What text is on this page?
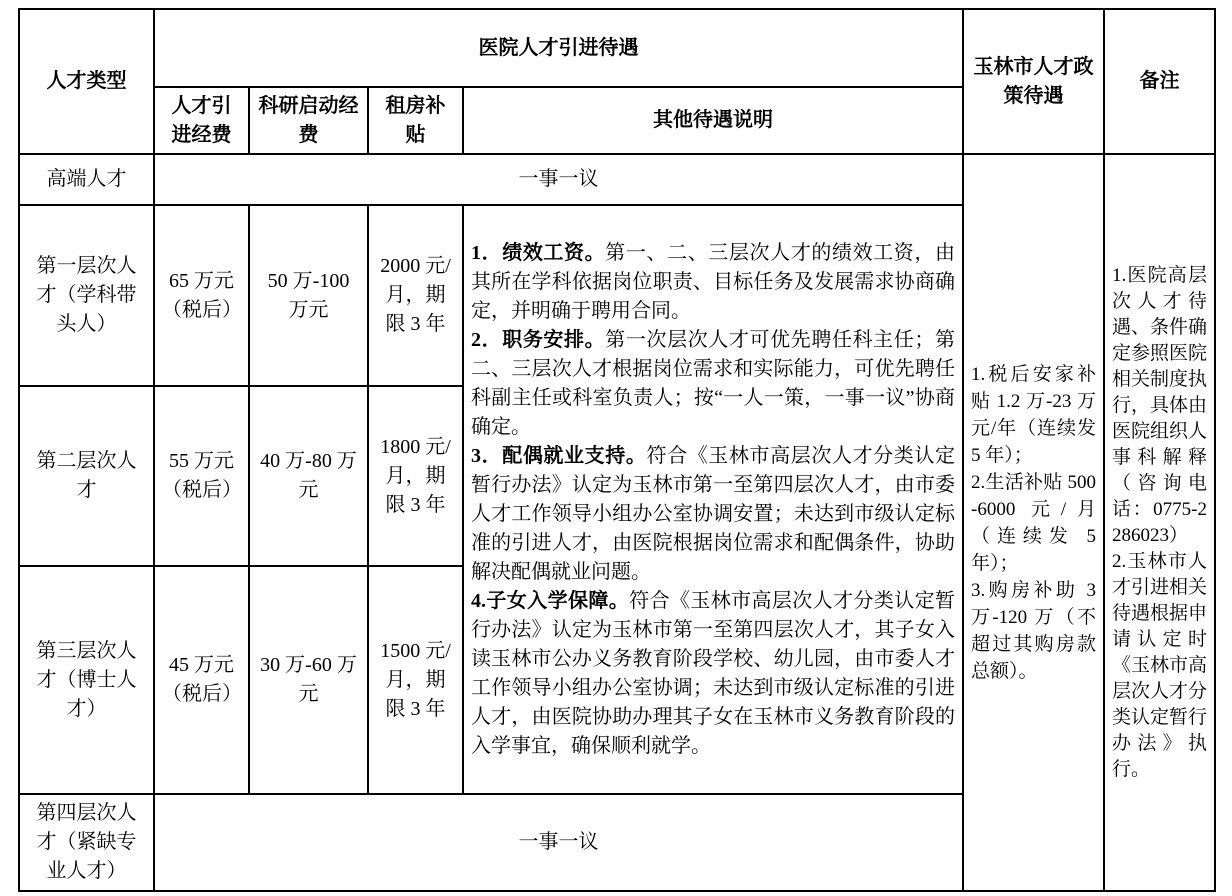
人才类型	医院人才引进待遇				玉林市人才政策待遇	备注
	人才引进经费	科研启动经费	租房补贴	其他待遇说明		
高端人才	一事一议	

1.税后安家补贴 1.2 万-23 万元/年（连续发 5 年）；

2.生活补贴 500-6000 元/月（连续发 5 年）；

3.购房补助 3 万-120 万（不超过其购房款总额）。

1.医院高层次人才待遇、条件确定参照医院相关制度执行，具体由医院组织人事科解释（咨询电话：0775-2286023）

2.玉林市人才引进相关待遇根据申请认定时《玉林市高层次人才分类认定暂行办法》执行。

第一层次人才（学科带头人）	65 万元（税后）	50 万-100 万元	2000 元/月，期限 3 年	1．绩效工资。第一、二、三层次人才的绩效工资，由其所在学科依据岗位职责、目标任务及发展需求协商确定，并明确于聘用合同。

2．职务安排。第一次层次人才可优先聘任科主任；第二、三层次人才根据岗位需求和实际能力，可优先聘任科副主任或科室负责人；按“一人一策，一事一议”协商确定。

3．配偶就业支持。符合《玉林市高层次人才分类认定暂行办法》认定为玉林市第一至第四层次人才，由市委人才工作领导小组办公室协调安置；未达到市级认定标准的引进人才，由医院根据岗位需求和配偶条件，协助解决配偶就业问题。

4.子女入学保障。符合《玉林市高层次人才分类认定暂行办法》认定为玉林市第一至第四层次人才，其子女入读玉林市公办义务教育阶段学校、幼儿园，由市委人才工作领导小组办公室协调；未达到市级认定标准的引进人才，由医院协助办理其子女在玉林市义务教育阶段的入学事宜，确保顺利就学。		

第二层次人才	55 万元（税后）	40 万-80 万元	1800 元/月，期限 3 年			
第三层次人才（博士人才）	45 万元（税后）	30 万-60 万元	1500 元/月，期限 3 年			
第四层次人才（紧缺专业人才）	一事一议					
